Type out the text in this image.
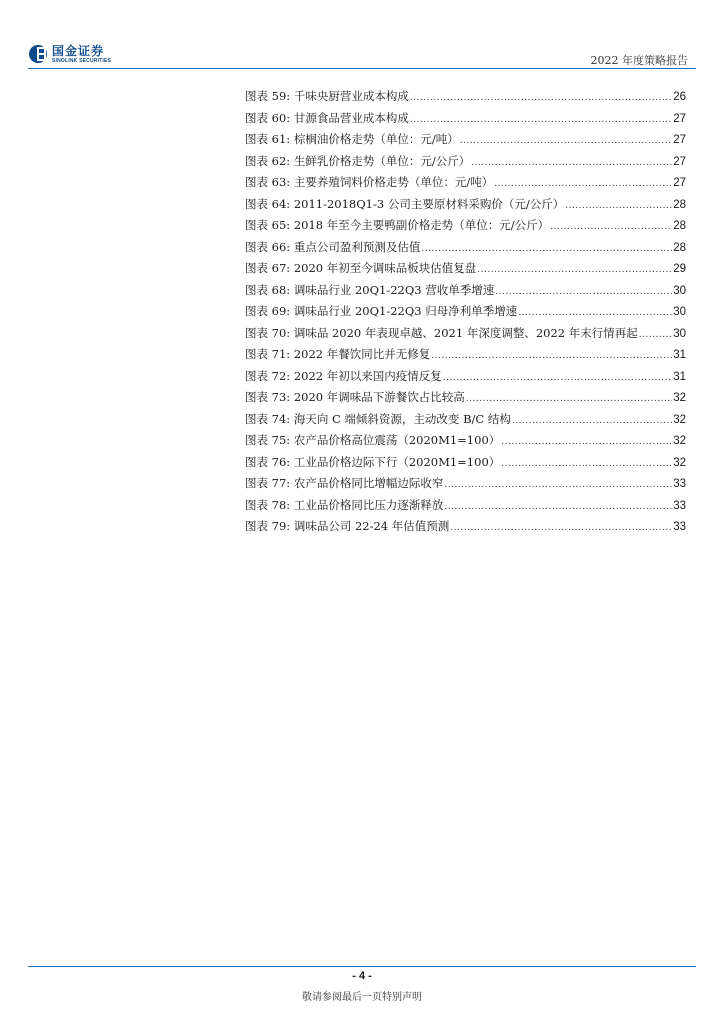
国金证券
SINOLINK SECURITIES	2022 年度策略报告
图表 59: 千味央厨营业成本构成 .....	26
图表 60: 甘源食品营业成本构成 .....	27
图表 61: 棕榈油价格走势（单位：元/吨） .....	27
图表 62: 生鲜乳价格走势（单位：元/公斤） .....	27
图表 63: 主要养殖饲料价格走势（单位：元/吨） .....	27
图表 64: 2011-2018Q1-3 公司主要原材料采购价（元/公斤） .....	28
图表 65: 2018 年至今主要鸭副价格走势（单位：元/公斤） .....	28
图表 66: 重点公司盈利预测及估值 .....	28
图表 67: 2020 年初至今调味品板块估值复盘 .....	29
图表 68: 调味品行业 20Q1-22Q3 营收单季增速 .....	30
图表 69: 调味品行业 20Q1-22Q3 归母净利单季增速 .....	30
图表 70: 调味品 2020 年表现卓越、2021 年深度调整、2022 年末行情再起 .....	30
图表 71: 2022 年餐饮同比并无修复 .....	31
图表 72: 2022 年初以来国内疫情反复 .....	31
图表 73: 2020 年调味品下游餐饮占比较高 .....	32
图表 74: 海天向 C 端倾斜资源，主动改变 B/C 结构 .....	32
图表 75: 农产品价格高位震荡（2020M1=100） .....	32
图表 76: 工业品价格边际下行（2020M1=100） .....	32
图表 77: 农产品价格同比增幅边际收窄 .....	33
图表 78: 工业品价格同比压力逐渐释放 .....	33
图表 79: 调味品公司 22-24 年估值预测 .....	33
- 4 -
敬请参阅最后一页特别声明
